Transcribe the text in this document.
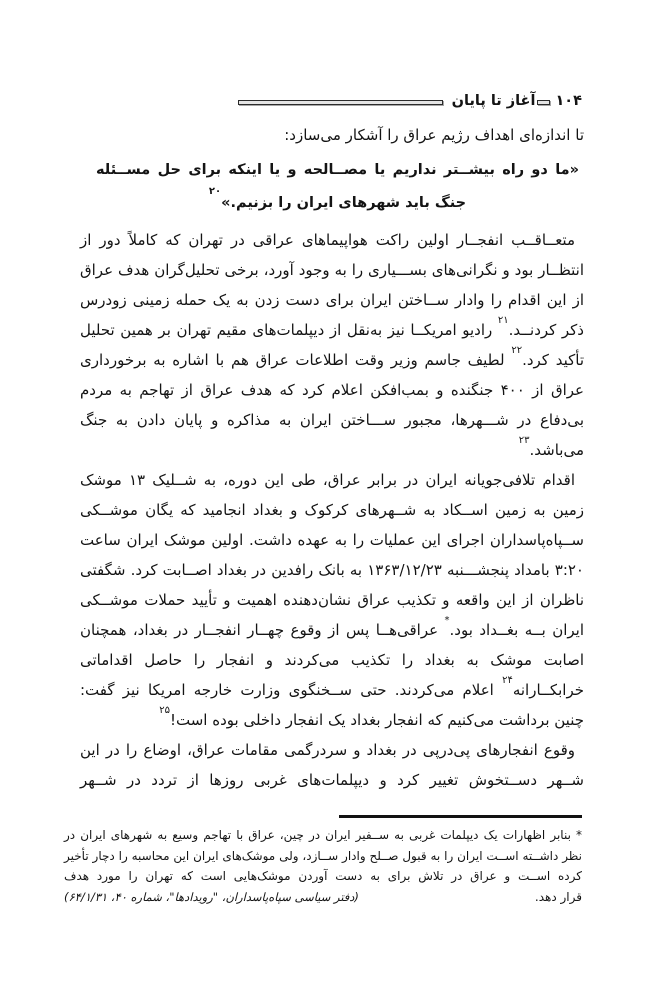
۱۰۴
آغاز تا پایان

تا اندازه‌ای اهداف رژیم عراق را آشکار می‌سازد:

«ما دو راه بیشــتر نداریم یا مصــالحه و یا اینکه برای حل مســئله جنگ باید شهرهای ایران را بزنیم.»$^{۲۰}$

متعــاقــب انفجــار اولین راکت هواپیماهای عراقی در تهران که کاملاً دور از انتظــار بود و نگرانی‌های بســـیاری را به وجود آورد، برخی تحلیل‌گران هدف عراق از این اقدام را وادار ســاختن ایران برای دست زدن به یک حمله زمینی زودرس ذکر کردنــد.$^{۲۱}$ رادیو امریکــا نیز به‌نقل از دیپلمات‌های مقیم تهران بر همین تحلیل تأکید کرد.$^{۲۲}$ لطیف جاسم وزیر وقت اطلاعات عراق هم با اشاره به برخورداری عراق از ۴۰۰ جنگنده و بمب‌افکن اعلام کرد که هدف عراق از تهاجم به مردم بی‌دفاع در شـــهرها، مجبور ســـاختن ایران به مذاکره و پایان دادن به جنگ می‌باشد.$^{۲۳}$

اقدام تلافی‌جویانه ایران در برابر عراق، طی این دوره، به شــلیک ۱۳ موشک زمین به زمین اســکاد به شــهرهای کرکوک و بغداد انجامید که یگان موشــکی ســپاه‌پاسداران اجرای این عملیات را به عهده داشت. اولین موشک ایران ساعت ۳:۲۰ بامداد پنجشـــنبه ۱۳۶۳/۱۲/۲۳ به بانک رافدین در بغداد اصــابت کرد. شگفتی ناظران از این واقعه و تکذیب عراق نشان‌دهنده اهمیت و تأیید حملات موشــکی ایران بــه بغــداد بود.* عراقی‌هــا پس از وقوع چهــار انفجــار در بغداد، همچنان اصابت موشک به بغداد را تکذیب می‌کردند و انفجار را حاصل اقداماتی خرابکــارانه$^{۲۴}$ اعلام می‌کردند. حتی ســخنگوی وزارت خارجه امریکا نیز گفت: چنین برداشت می‌کنیم که انفجار بغداد یک انفجار داخلی بوده است!$^{۲۵}$

وقوع انفجارهای پی‌درپی در بغداد و سردرگمی مقامات عراق، اوضاع را در این شــهر دســتخوش تغییر کرد و دیپلمات‌های غربی روزها از تردد در شــهر

* بنابر اظهارات یک دیپلمات غربی به ســفیر ایران در چین، عراق با تهاجم وسیع به شهرهای ایران در نظر داشــته اســت ایران را به قبول صــلح وادار ســازد، ولی موشک‌های ایران این محاسبه را دچار تأخیر کرده اســت و عراق در تلاش برای به دست آوردن موشک‌هایی است که تهران را مورد هدف

قرار دهد.
(دفتر سیاسی سپاه‌پاسداران، "رویدادها"، شماره ۴۰، ۶۴/۱/۳۱)
